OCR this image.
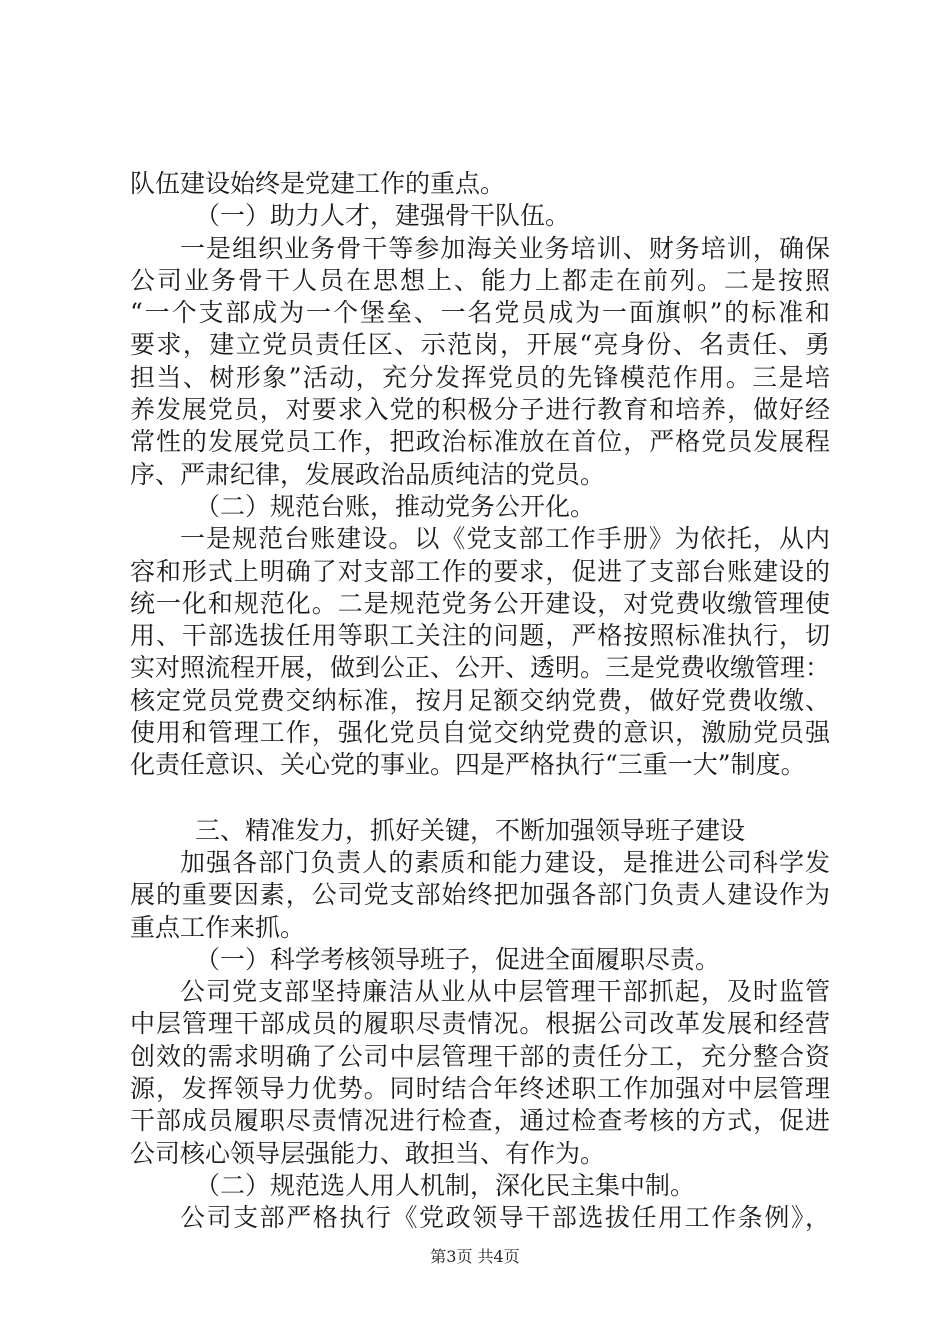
队伍建设始终是党建工作的重点。
（一）助力人才，建强骨干队伍。
一是组织业务骨干等参加海关业务培训、财务培训，确保
公司业务骨干人员在思想上、能力上都走在前列。二是按照
“一个支部成为一个堡垒、一名党员成为一面旗帜”的标准和
要求，建立党员责任区、示范岗，开展“亮身份、名责任、勇
担当、树形象”活动，充分发挥党员的先锋模范作用。三是培
养发展党员，对要求入党的积极分子进行教育和培养，做好经
常性的发展党员工作，把政治标准放在首位，严格党员发展程
序、严肃纪律，发展政治品质纯洁的党员。
（二）规范台账，推动党务公开化。
一是规范台账建设。以《党支部工作手册》为依托，从内
容和形式上明确了对支部工作的要求，促进了支部台账建设的
统一化和规范化。二是规范党务公开建设，对党费收缴管理使
用、干部选拔任用等职工关注的问题，严格按照标准执行，切
实对照流程开展，做到公正、公开、透明。三是党费收缴管理：
核定党员党费交纳标准，按月足额交纳党费，做好党费收缴、
使用和管理工作，强化党员自觉交纳党费的意识，激励党员强
化责任意识、关心党的事业。四是严格执行“三重一大”制度。
三、精准发力，抓好关键，不断加强领导班子建设
加强各部门负责人的素质和能力建设，是推进公司科学发
展的重要因素，公司党支部始终把加强各部门负责人建设作为
重点工作来抓。
（一）科学考核领导班子，促进全面履职尽责。
公司党支部坚持廉洁从业从中层管理干部抓起，及时监管
中层管理干部成员的履职尽责情况。根据公司改革发展和经营
创效的需求明确了公司中层管理干部的责任分工，充分整合资
源，发挥领导力优势。同时结合年终述职工作加强对中层管理
干部成员履职尽责情况进行检查，通过检查考核的方式，促进
公司核心领导层强能力、敢担当、有作为。
（二）规范选人用人机制，深化民主集中制。
公司支部严格执行《党政领导干部选拔任用工作条例》，
第3页 共4页
